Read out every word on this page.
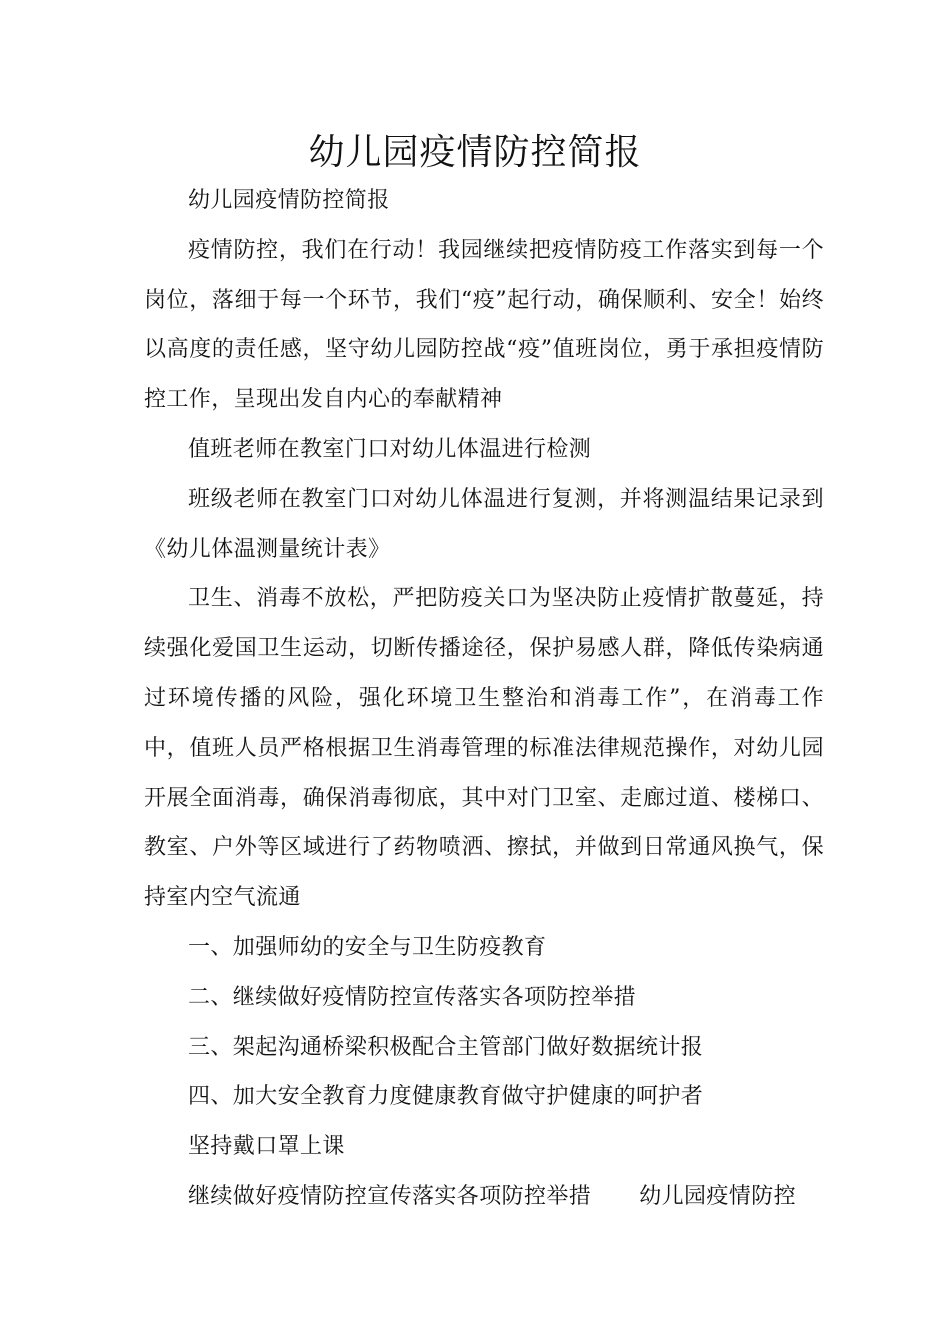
幼儿园疫情防控简报

幼儿园疫情防控简报

疫情防控，我们在行动！我园继续把疫情防疫工作落实到每一个岗位，落细于每一个环节，我们“疫”起行动，确保顺利、安全！始终以高度的责任感，坚守幼儿园防控战“疫”值班岗位，勇于承担疫情防控工作，呈现出发自内心的奉献精神

值班老师在教室门口对幼儿体温进行检测

班级老师在教室门口对幼儿体温进行复测，并将测温结果记录到《幼儿体温测量统计表》

卫生、消毒不放松，严把防疫关口为坚决防止疫情扩散蔓延，持续强化爱国卫生运动，切断传播途径，保护易感人群，降低传染病通过环境传播的风险，强化环境卫生整治和消毒工作”，在消毒工作中，值班人员严格根据卫生消毒管理的标准法律规范操作，对幼儿园开展全面消毒，确保消毒彻底，其中对门卫室、走廊过道、楼梯口、教室、户外等区域进行了药物喷洒、擦拭，并做到日常通风换气，保持室内空气流通

一、加强师幼的安全与卫生防疫教育

二、继续做好疫情防控宣传落实各项防控举措

三、架起沟通桥梁积极配合主管部门做好数据统计报

四、加大安全教育力度健康教育做守护健康的呵护者

坚持戴口罩上课

继续做好疫情防控宣传落实各项防控举措 幼儿园疫情防控
